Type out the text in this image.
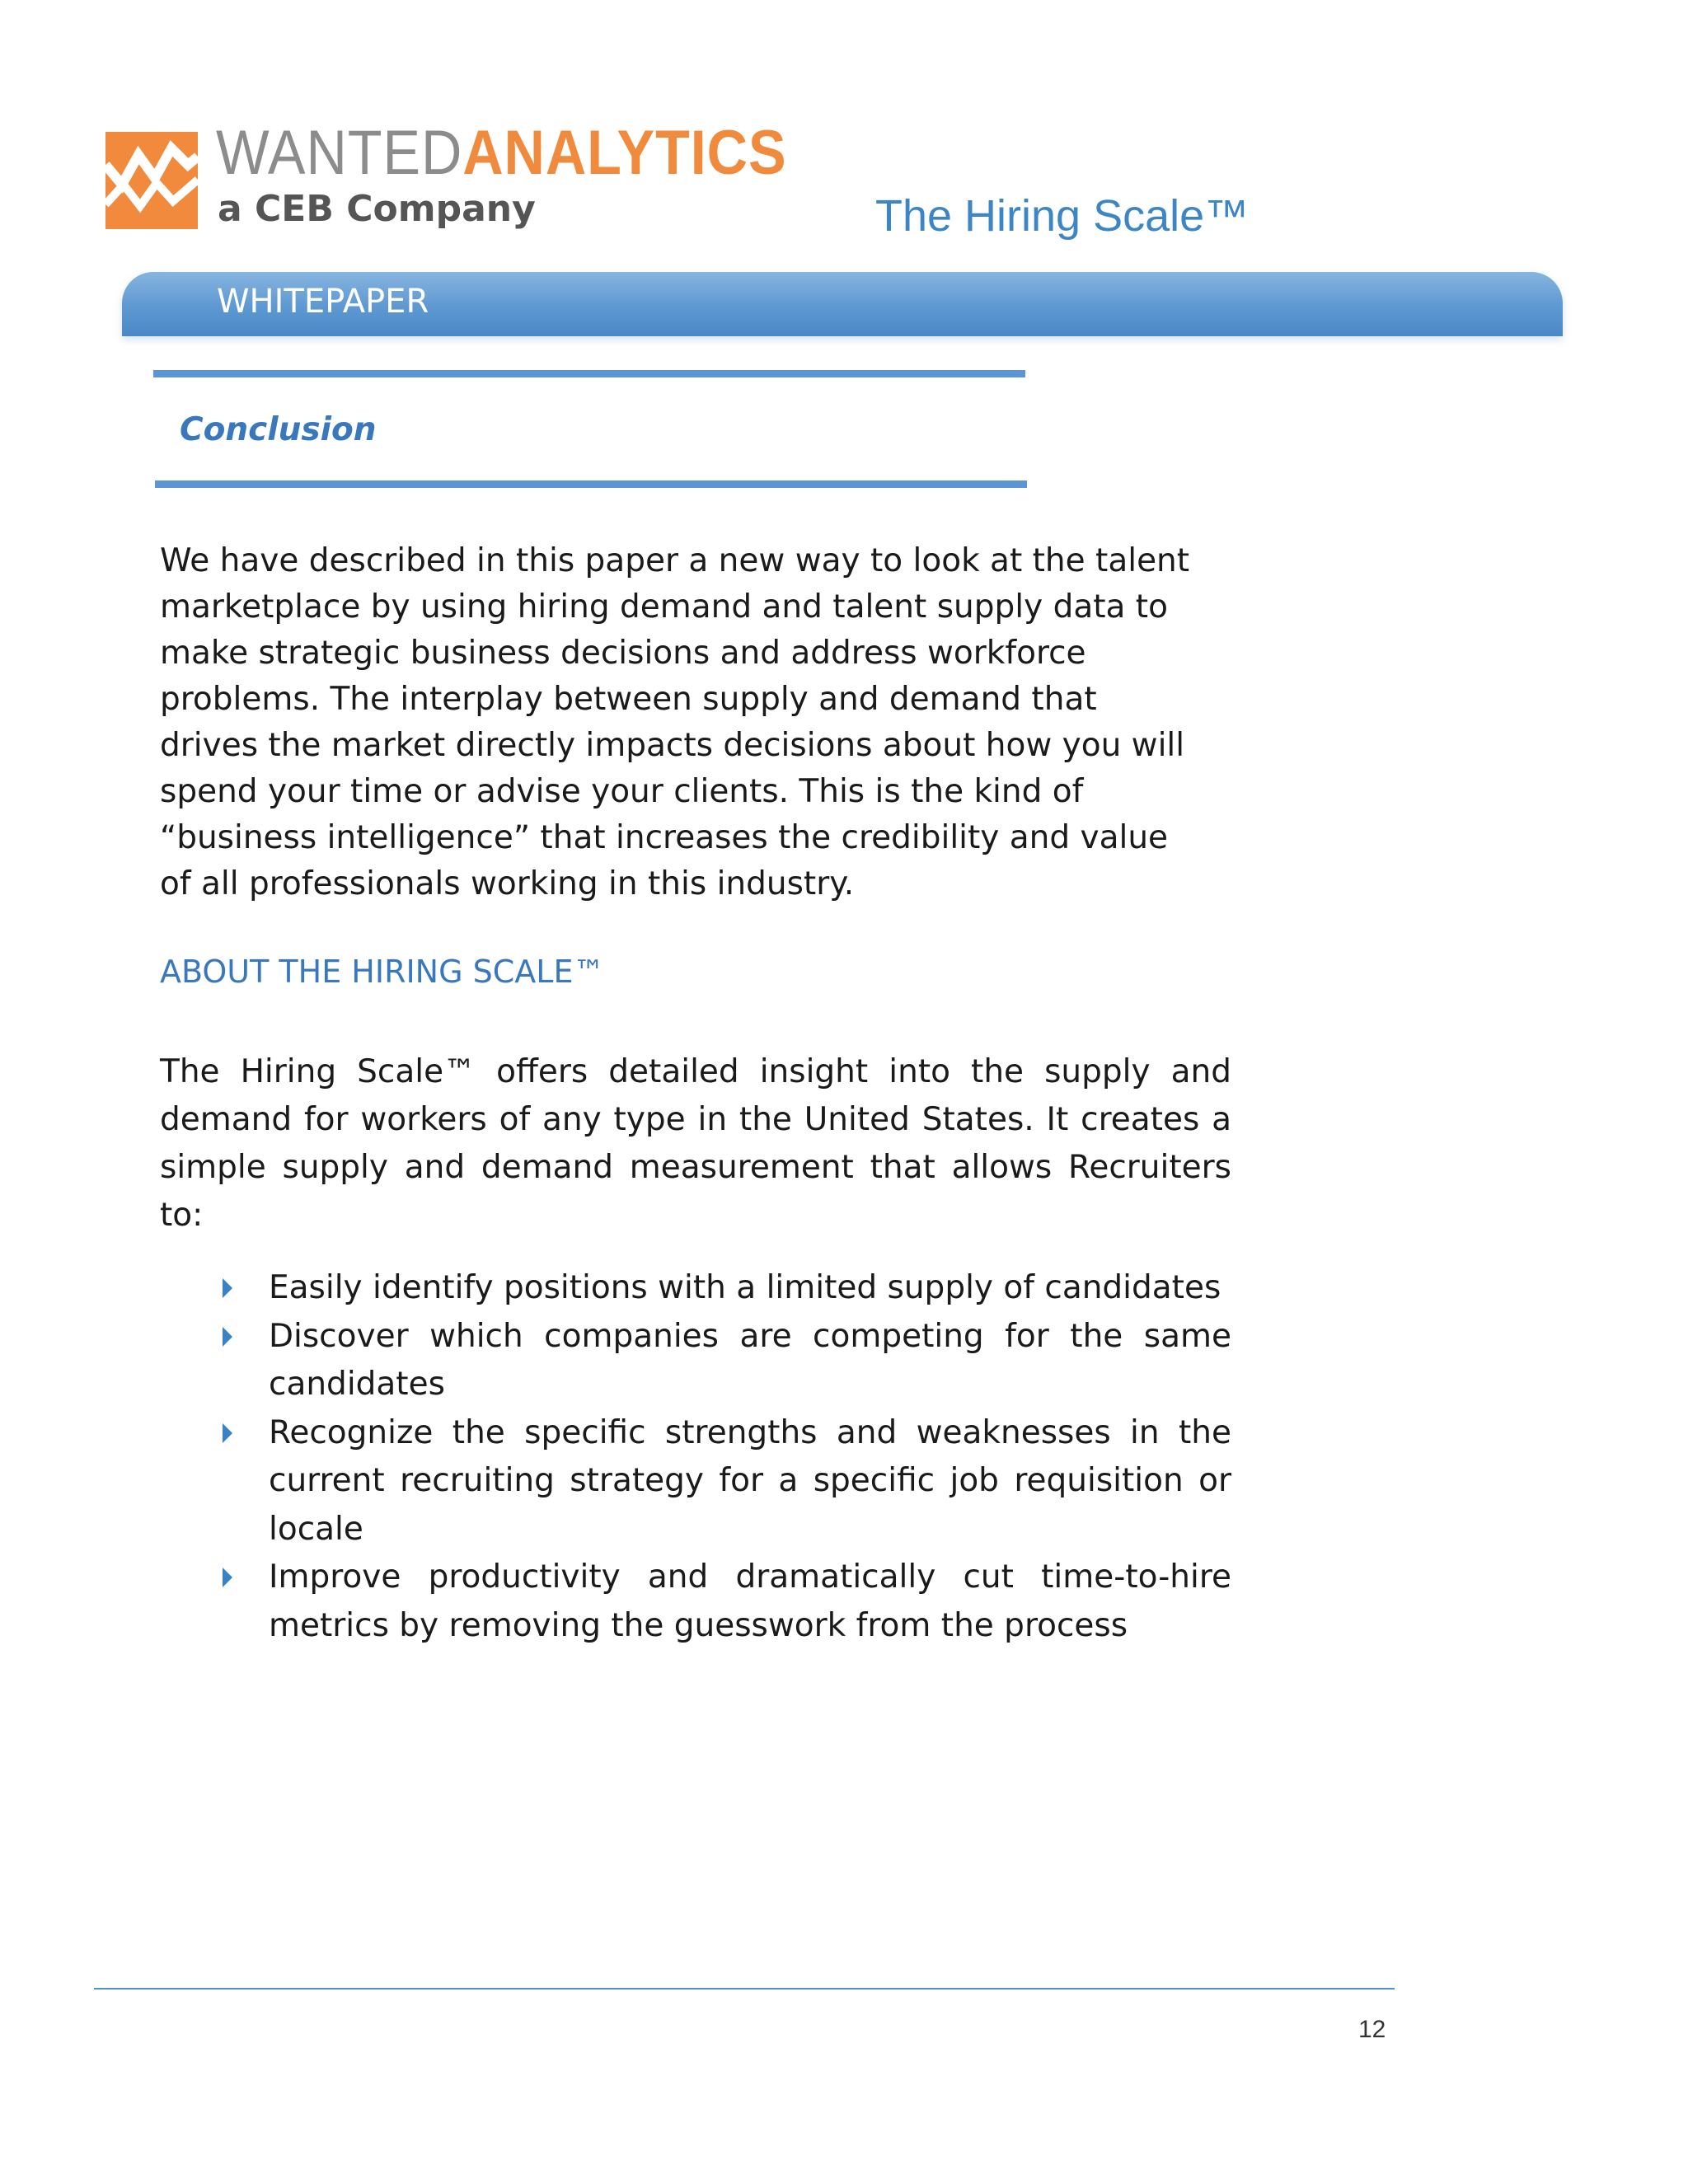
WANTEDANALYTICS
a CEB Company	The Hiring Scale™
WHITEPAPER
Conclusion
We have described in this paper a new way to look at the talent
marketplace by using hiring demand and talent supply data to
make strategic business decisions and address workforce
problems. The interplay between supply and demand that
drives the market directly impacts decisions about how you will
spend your time or advise your clients. This is the kind of
“business intelligence” that increases the credibility and value
of all professionals working in this industry.
ABOUT THE HIRING SCALE™
The Hiring Scale™ offers detailed insight into the supply and demand for workers of any type in the United States. It creates a simple supply and demand measurement that allows Recruiters to:
Easily identify positions with a limited supply of candidates
Discover which companies are competing for the same candidates
Recognize the specific strengths and weaknesses in the current recruiting strategy for a specific job requisition or locale
Improve productivity and dramatically cut time-to-hire metrics by removing the guesswork from the process
12
